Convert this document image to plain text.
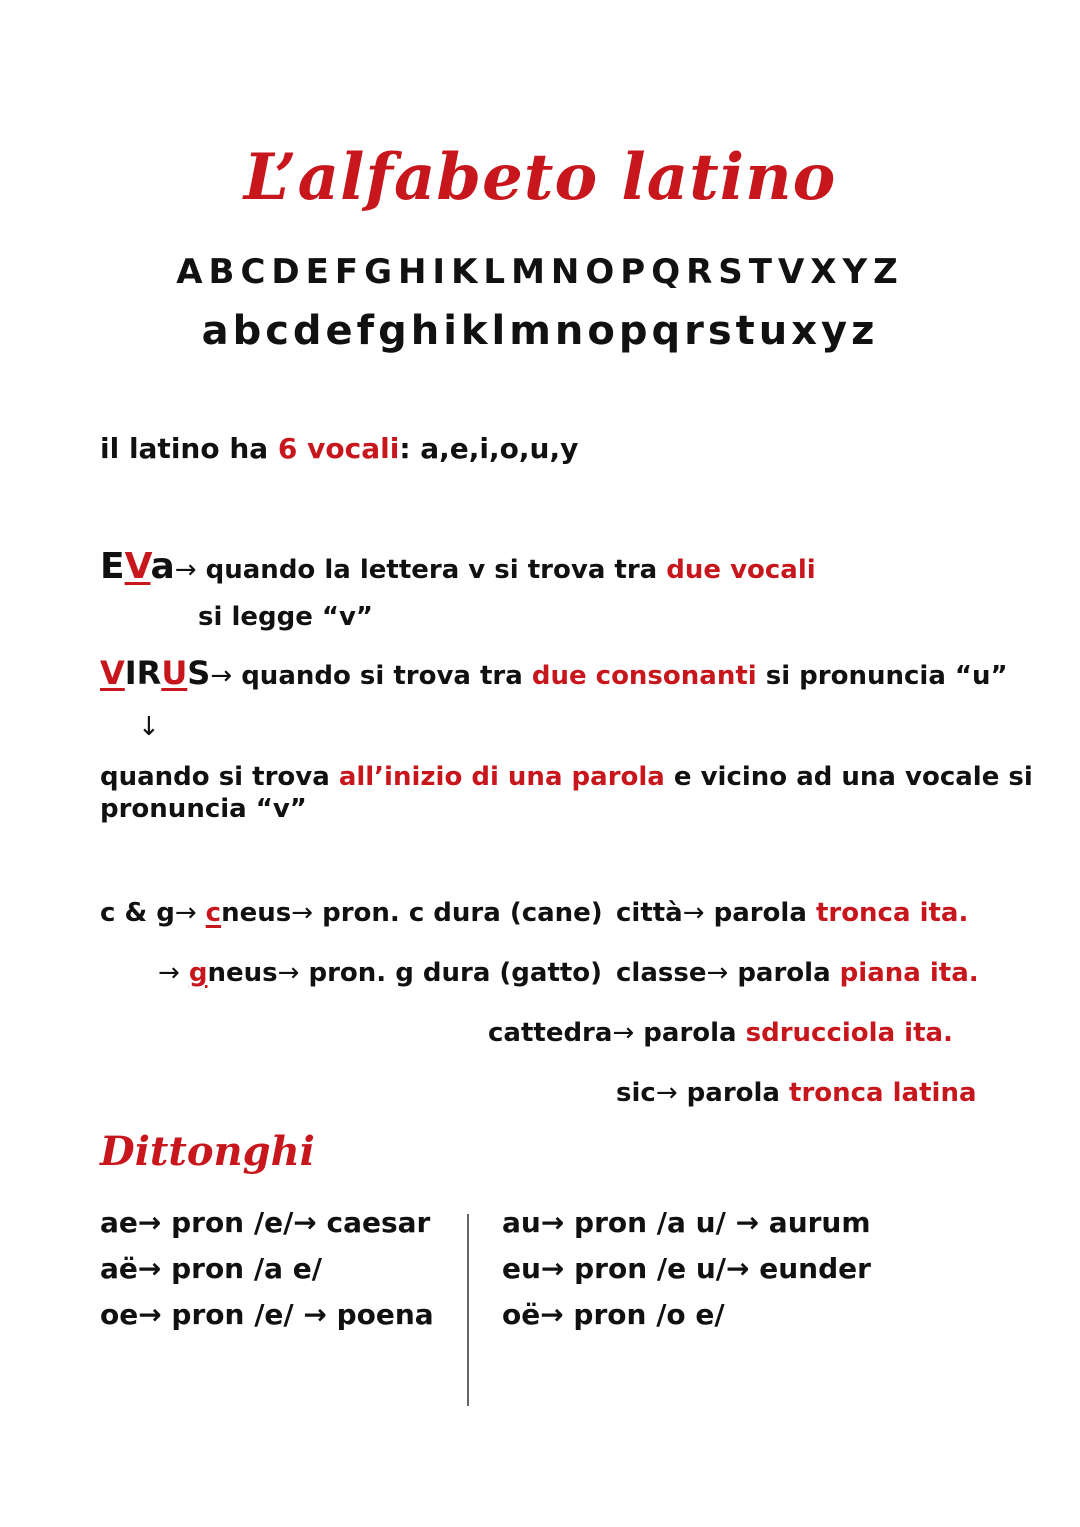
L’alfabeto latino
ABCDEFGHIKLMNOPQRSTVXYZ
abcdefghiklmnopqrstuxyz
il latino ha 6 vocali: a,e,i,o,u,y
EVa→ quando la lettera v si trova tra due vocali
si legge “v”
VIRUS→ quando si trova tra due consonanti si pronuncia “u”
↓
quando si trova all’inizio di una parola e vicino ad una vocale si
pronuncia “v”
c & g→ cneus→ pron. c dura (cane)
→ gneus→ pron. g dura (gatto)
città→ parola tronca ita.
classe→ parola piana ita.
cattedra→ parola sdrucciola ita.
sic→ parola tronca latina
Dittonghi
ae→ pron /e/→ caesar
aë→ pron /a e/
oe→ pron /e/ → poena
au→ pron /a u/ → aurum
eu→ pron /e u/→ eunder
oë→ pron /o e/
